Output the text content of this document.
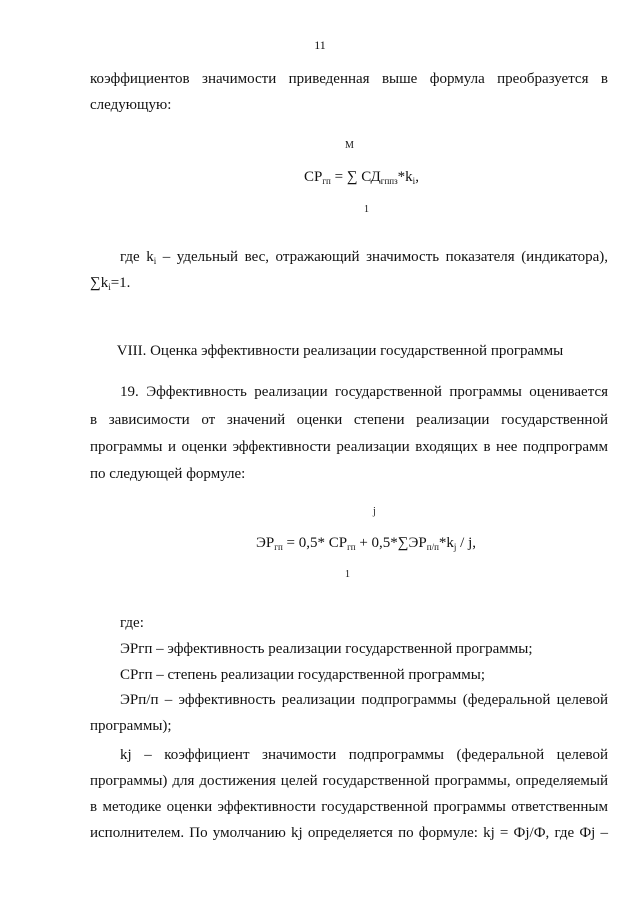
11
коэффициентов значимости приведенная выше формула преобразуется в
следующую:
M
$СР_{гп}$ = ∑ $СД_{гппз}*k_i$,
1
где $k_i$ – удельный вес, отражающий значимость показателя (индикатора),
$\sum k_i=1$.
VIII. Оценка эффективности реализации государственной программы
19. Эффективность реализации государственной программы оценивается
в зависимости от значений оценки степени реализации государственной
программы и оценки эффективности реализации входящих в нее подпрограмм
по следующей формуле:
j
$ЭР_{гп} = 0,5*$ $СР_{гп} + 0,5*\sum ЭР_{п/п}*k_j / j$,
1
где:
ЭРгп – эффективность реализации государственной программы;
СРгп – степень реализации государственной программы;
ЭРп/п – эффективность реализации подпрограммы (федеральной целевой
программы);
kj – коэффициент значимости подпрограммы (федеральной целевой
программы) для достижения целей государственной программы, определяемый
в методике оценки эффективности государственной программы ответственным
исполнителем. По умолчанию kj определяется по формуле: kj = Фj/Ф, где Фj –
